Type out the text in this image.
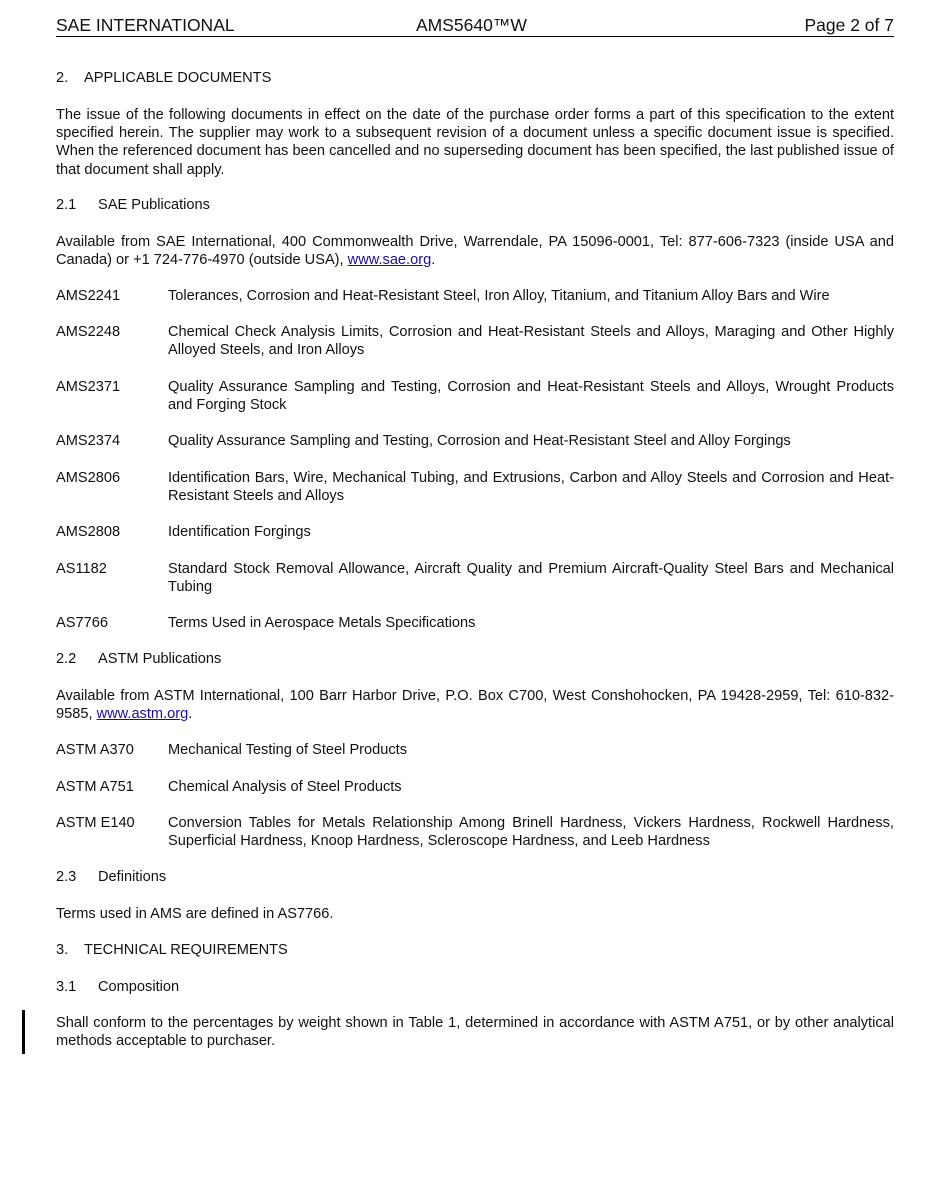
SAE INTERNATIONAL	AMS5640™W	Page 2 of 7

2. APPLICABLE DOCUMENTS

The issue of the following documents in effect on the date of the purchase order forms a part of this specification to the extent specified herein. The supplier may work to a subsequent revision of a document unless a specific document issue is specified. When the referenced document has been cancelled and no superseding document has been specified, the last published issue of that document shall apply.

2.1 SAE Publications

Available from SAE International, 400 Commonwealth Drive, Warrendale, PA 15096-0001, Tel: 877-606-7323 (inside USA and Canada) or +1 724-776-4970 (outside USA), www.sae.org.

AMS2241	Tolerances, Corrosion and Heat-Resistant Steel, Iron Alloy, Titanium, and Titanium Alloy Bars and Wire
AMS2248	Chemical Check Analysis Limits, Corrosion and Heat-Resistant Steels and Alloys, Maraging and Other Highly Alloyed Steels, and Iron Alloys
AMS2371	Quality Assurance Sampling and Testing, Corrosion and Heat-Resistant Steels and Alloys, Wrought Products and Forging Stock
AMS2374	Quality Assurance Sampling and Testing, Corrosion and Heat-Resistant Steel and Alloy Forgings
AMS2806	Identification Bars, Wire, Mechanical Tubing, and Extrusions, Carbon and Alloy Steels and Corrosion and Heat-Resistant Steels and Alloys
AMS2808	Identification Forgings
AS1182	Standard Stock Removal Allowance, Aircraft Quality and Premium Aircraft-Quality Steel Bars and Mechanical Tubing
AS7766	Terms Used in Aerospace Metals Specifications

2.2 ASTM Publications

Available from ASTM International, 100 Barr Harbor Drive, P.O. Box C700, West Conshohocken, PA 19428-2959, Tel: 610-832-9585, www.astm.org.

ASTM A370	Mechanical Testing of Steel Products
ASTM A751	Chemical Analysis of Steel Products
ASTM E140	Conversion Tables for Metals Relationship Among Brinell Hardness, Vickers Hardness, Rockwell Hardness, Superficial Hardness, Knoop Hardness, Scleroscope Hardness, and Leeb Hardness

2.3 Definitions

Terms used in AMS are defined in AS7766.

3. TECHNICAL REQUIREMENTS

3.1 Composition

Shall conform to the percentages by weight shown in Table 1, determined in accordance with ASTM A751, or by other analytical methods acceptable to purchaser.
